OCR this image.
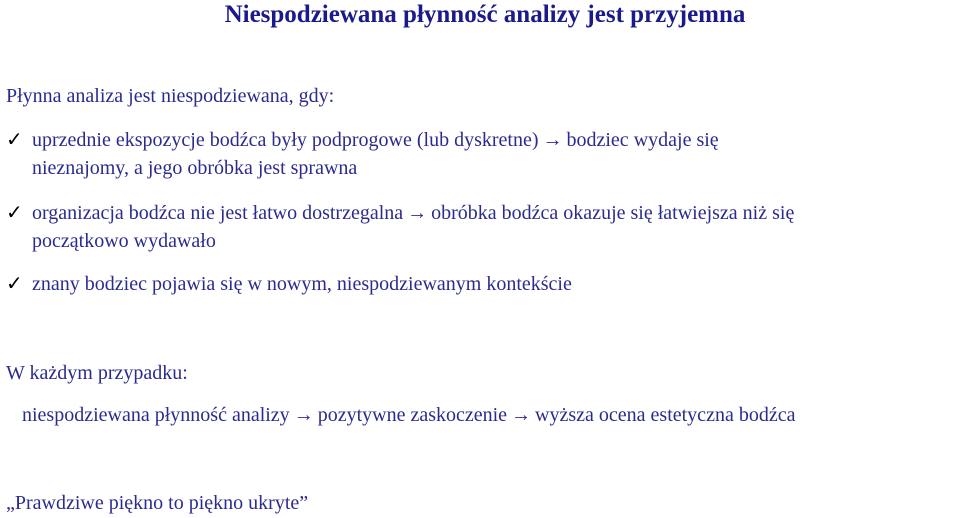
Niespodziewana płynność analizy jest przyjemna
Płynna analiza jest niespodziewana, gdy:
✓ uprzednie ekspozycje bodźca były podprogowe (lub dyskretne) → bodziec wydaje się
nieznajomy, a jego obróbka jest sprawna
✓ organizacja bodźca nie jest łatwo dostrzegalna → obróbka bodźca okazuje się łatwiejsza niż się
początkowo wydawało
✓ znany bodziec pojawia się w nowym, niespodziewanym kontekście
W każdym przypadku:
niespodziewana płynność analizy → pozytywne zaskoczenie → wyższa ocena estetyczna bodźca
„Prawdziwe piękno to piękno ukryte”
